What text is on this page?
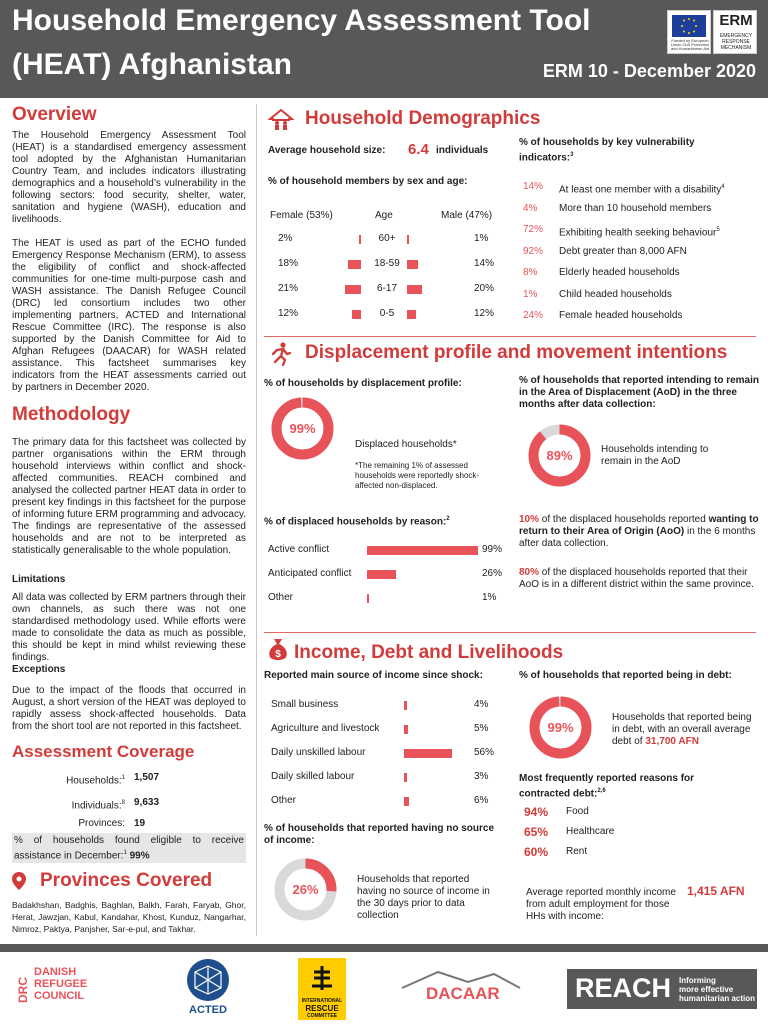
Household Emergency Assessment Tool
(HEAT) Afghanistan	ERM 10 - December 2020
Funded by European Union Civil Protection and Humanitarian Aid
ERM
EMERGENCY RESPONSE MECHANISM
Overview
The Household Emergency Assessment Tool (HEAT) is a standardised emergency assessment tool adopted by the Afghanistan Humanitarian Country Team, and includes indicators illustrating demographics and a household’s vulnerability in the following sectors: food security, shelter, water, sanitation and hygiene (WASH), education and livelihoods.
The HEAT is used as part of the ECHO funded Emergency Response Mechanism (ERM), to assess the eligibility of conflict and shock-affected communities for one-time multi-purpose cash and WASH assistance. The Danish Refugee Council (DRC) led consortium includes two other implementing partners, ACTED and International Rescue Committee (IRC). The response is also supported by the Danish Committee for Aid to Afghan Refugees (DAACAR) for WASH related assistance. This factsheet summarises key indicators from the HEAT assessments carried out by partners in December 2020.
Methodology
The primary data for this factsheet was collected by partner organisations within the ERM through household interviews within conflict and shock-affected communities. REACH combined and analysed the collected partner HEAT data in order to present key findings in this factsheet for the purpose of informing future ERM programming and advocacy. The findings are representative of the assessed households and are not to be interpreted as statistically generalisable to the whole population.
Limitations
All data was collected by ERM partners through their own channels, as such there was not one standardised methodology used. While efforts were made to consolidate the data as much as possible, this should be kept in mind whilst reviewing these findings.
Exceptions
Due to the impact of the floods that occurred in August, a short version of the HEAT was deployed to rapidly assess shock-affected households. Data from the short tool are not reported in this factsheet.
Assessment Coverage
Households:$^1$ 1,507
Individuals:$^8$ 9,633
Provinces: 19
% of households found eligible to receive assistance in December:$^1$ 99%
Provinces Covered
Badakhshan, Badghis, Baghlan, Balkh, Farah, Faryab, Ghor, Herat, Jawzjan, Kabul, Kandahar, Khost, Kunduz, Nangarhar, Nimroz, Paktya, Panjsher, Sar-e-pul, and Takhar.
Household Demographics
Average household size: 6.4 individuals
% of household members by sex and age:
Female (53%)	Age	Male (47%)
2%	60+	1%
18%	18-59	14%
21%	6-17	20%
12%	0-5	12%
% of households by key vulnerability indicators:$^3$
14% At least one member with a disability$^4$
4% More than 10 household members
72% Exhibiting health seeking behaviour$^5$
92% Debt greater than 8,000 AFN
8% Elderly headed households
1% Child headed households
24% Female headed households
Displacement profile and movement intentions
% of households by displacement profile:
99%
Displaced households*
*The remaining 1% of assessed households were reportedly shock-affected non-displaced.
% of households that reported intending to remain in the Area of Displacement (AoD) in the three months after data collection:
89%	Households intending to remain in the AoD
% of displaced households by reason:$^2$
Active conflict	99%
Anticipated conflict	26%
Other	1%
10% of the displaced households reported wanting to return to their Area of Origin (AoO) in the 6 months after data collection.
80% of the displaced households reported that their AoO is in a different district within the same province.
$ Income, Debt and Livelihoods
Reported main source of income since shock:
Small business	4%
Agriculture and livestock	5%
Daily unskilled labour	56%
Daily skilled labour	3%
Other	6%
% of households that reported having no source of income:
26%
Households that reported having no source of income in the 30 days prior to data collection
% of households that reported being in debt:
99%
Households that reported being in debt, with an overall average debt of 31,700 AFN
Most frequently reported reasons for contracted debt:$^{2,6}$
94% Food
65% Healthcare
60% Rent
Average reported monthly income from adult employment for those HHs with income:
1,415 AFN
DRC
DANISH
REFUGEE
COUNCIL
ACTED
INTERNATIONAL
RESCUE
COMMITTEE
DACAAR	REACH Informing
more effective
humanitarian action
